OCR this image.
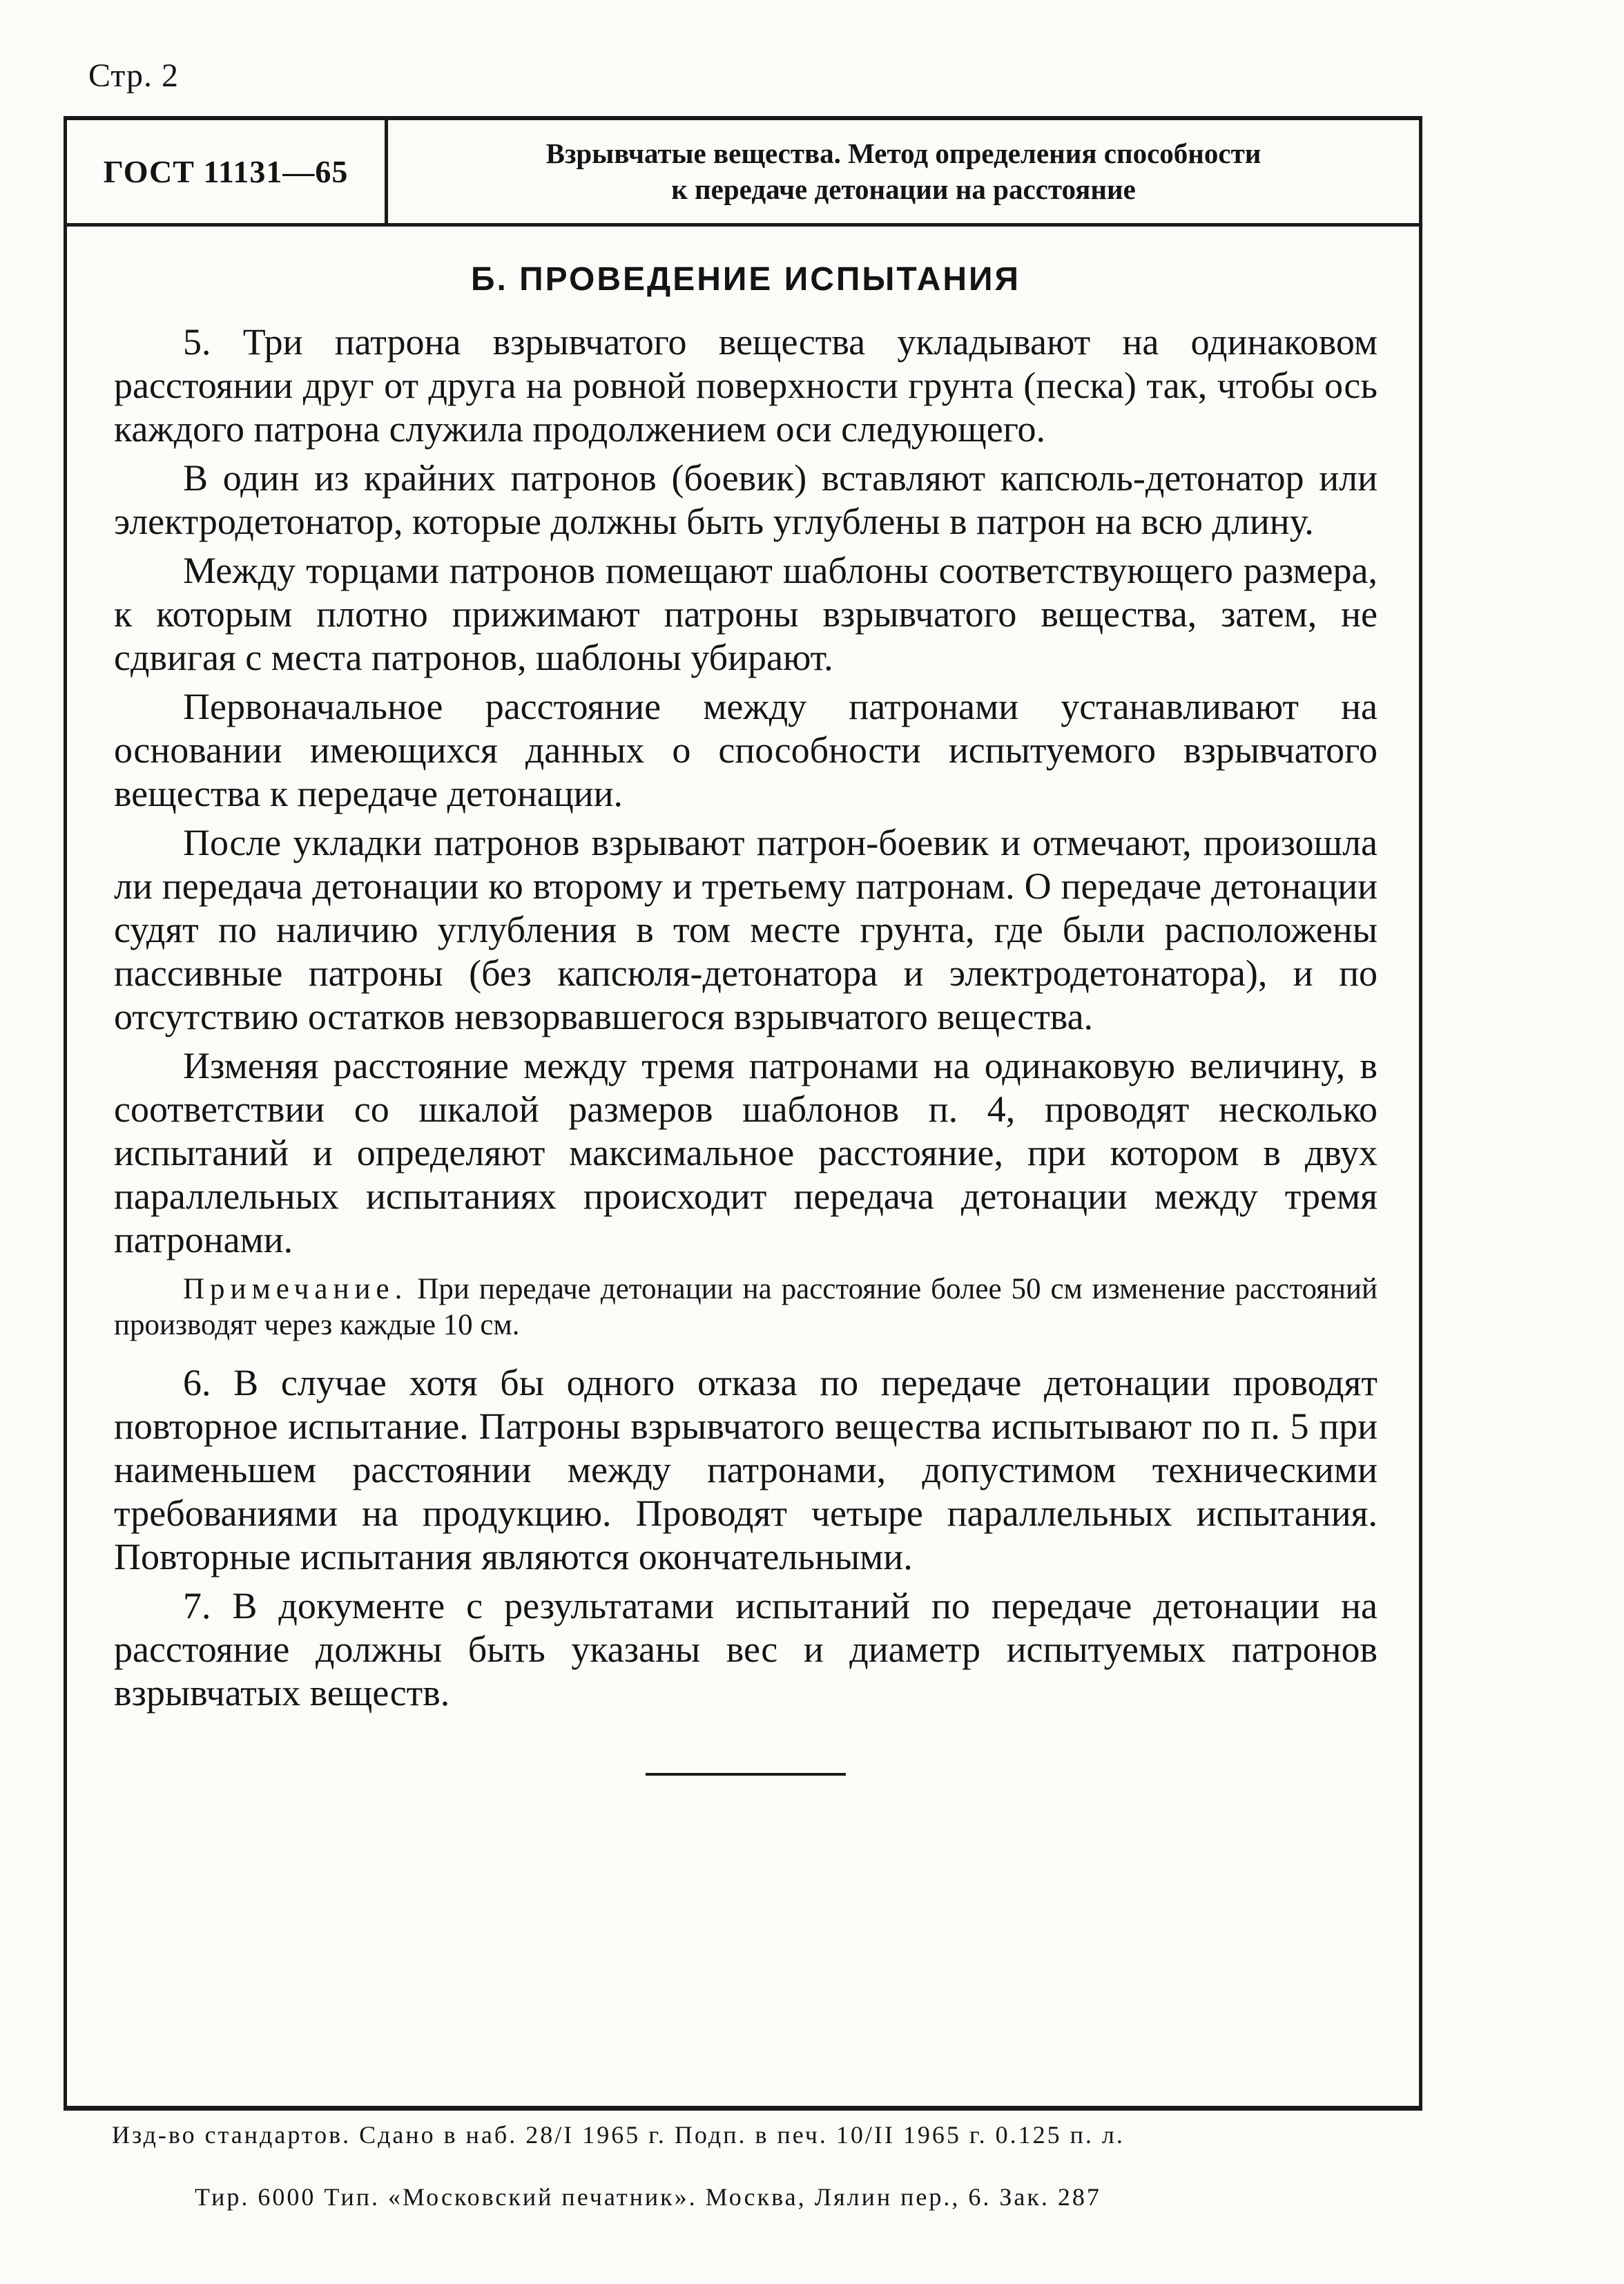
Стр. 2
ГОСТ 11131—65
Взрывчатые вещества. Метод определения способности
к передаче детонации на расстояние
Б. ПРОВЕДЕНИЕ ИСПЫТАНИЯ

5. Три патрона взрывчатого вещества укладывают на одинаковом расстоянии друг от друга на ровной поверхности грунта (песка) так, чтобы ось каждого патрона служила продолжением оси следующего.

В один из крайних патронов (боевик) вставляют капсюль-детонатор или электродетонатор, которые должны быть углублены в патрон на всю длину.

Между торцами патронов помещают шаблоны соответствующего размера, к которым плотно прижимают патроны взрывчатого вещества, затем, не сдвигая с места патронов, шаблоны убирают.

Первоначальное расстояние между патронами устанавливают на основании имеющихся данных о способности испытуемого взрывчатого вещества к передаче детонации.

После укладки патронов взрывают патрон-боевик и отмечают, произошла ли передача детонации ко второму и третьему патронам. О передаче детонации судят по наличию углубления в том месте грунта, где были расположены пассивные патроны (без капсюля-детонатора и электродетонатора), и по отсутствию остатков невзорвавшегося взрывчатого вещества.

Изменяя расстояние между тремя патронами на одинаковую величину, в соответствии со шкалой размеров шаблонов п. 4, проводят несколько испытаний и определяют максимальное расстояние, при котором в двух параллельных испытаниях происходит передача детонации между тремя патронами.

Примечание. При передаче детонации на расстояние более 50 см изменение расстояний производят через каждые 10 см.

6. В случае хотя бы одного отказа по передаче детонации проводят повторное испытание. Патроны взрывчатого вещества испытывают по п. 5 при наименьшем расстоянии между патронами, допустимом техническими требованиями на продукцию. Проводят четыре параллельных испытания. Повторные испытания являются окончательными.

7. В документе с результатами испытаний по передаче детонации на расстояние должны быть указаны вес и диаметр испытуемых патронов взрывчатых веществ.

Изд-во стандартов. Сдано в наб. 28/I 1965 г. Подп. в печ. 10/II 1965 г. 0.125 п. л.
Тир. 6000 Тип. «Московский печатник». Москва, Лялин пер., 6. Зак. 287
